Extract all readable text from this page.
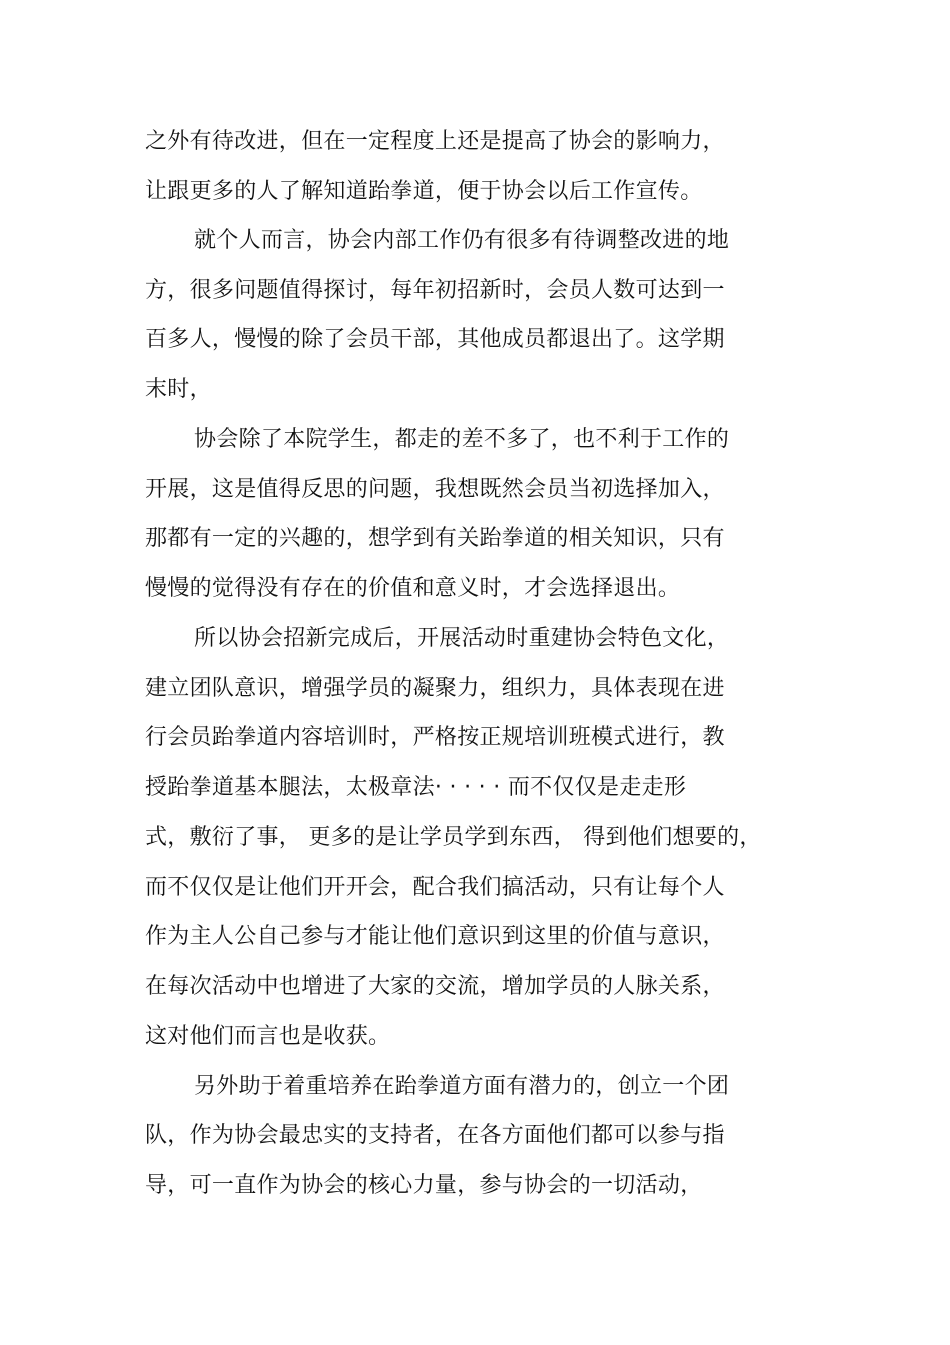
之外有待改进，但在一定程度上还是提高了协会的影响力，
让跟更多的人了解知道跆拳道，便于协会以后工作宣传。
就个人而言，协会内部工作仍有很多有待调整改进的地
方，很多问题值得探讨，每年初招新时，会员人数可达到一
百多人，慢慢的除了会员干部，其他成员都退出了。这学期
末时，
协会除了本院学生，都走的差不多了，也不利于工作的
开展，这是值得反思的问题，我想既然会员当初选择加入，
那都有一定的兴趣的，想学到有关跆拳道的相关知识，只有
慢慢的觉得没有存在的价值和意义时，才会选择退出。
所以协会招新完成后，开展活动时重建协会特色文化，
建立团队意识，增强学员的凝聚力，组织力，具体表现在进
行会员跆拳道内容培训时，严格按正规培训班模式进行，教
授跆拳道基本腿法，太极章法· · · · · 而不仅仅是走走形
式，敷衍了事， 更多的是让学员学到东西， 得到他们想要的，
而不仅仅是让他们开开会，配合我们搞活动，只有让每个人
作为主人公自己参与才能让他们意识到这里的价值与意识，
在每次活动中也增进了大家的交流，增加学员的人脉关系，
这对他们而言也是收获。
另外助于着重培养在跆拳道方面有潜力的，创立一个团
队，作为协会最忠实的支持者，在各方面他们都可以参与指
导，可一直作为协会的核心力量，参与协会的一切活动，
